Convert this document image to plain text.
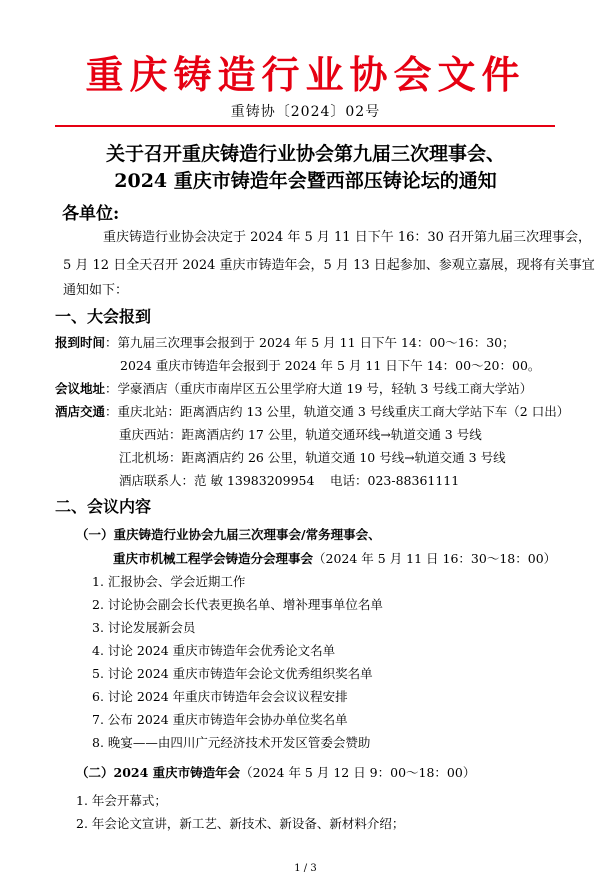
重庆铸造行业协会文件
重铸协〔2024〕02号
关于召开重庆铸造行业协会第九届三次理事会、
2024 重庆市铸造年会暨西部压铸论坛的通知
各单位:
重庆铸造行业协会决定于 2024 年 5 月 11 日下午 16：30 召开第九届三次理事会，
5 月 12 日全天召开 2024 重庆市铸造年会，5 月 13 日起参加、参观立嘉展，现将有关事宜
通知如下：
一、大会报到
报到时间：第九届三次理事会报到于 2024 年 5 月 11 日下午 14：00～16：30；
2024 重庆市铸造年会报到于 2024 年 5 月 11 日下午 14：00～20：00。
会议地址：学豪酒店（重庆市南岸区五公里学府大道 19 号，轻轨 3 号线工商大学站）
酒店交通：重庆北站：距离酒店约 13 公里，轨道交通 3 号线重庆工商大学站下车（2 口出）
重庆西站：距离酒店约 17 公里，轨道交通环线→轨道交通 3 号线
江北机场：距离酒店约 26 公里，轨道交通 10 号线→轨道交通 3 号线
酒店联系人：范 敏 13983209954 电话：023-88361111
二、会议内容
（一）重庆铸造行业协会九届三次理事会/常务理事会、
重庆市机械工程学会铸造分会理事会（2024 年 5 月 11 日 16：30～18：00）
1. 汇报协会、学会近期工作
2. 讨论协会副会长代表更换名单、增补理事单位名单
3. 讨论发展新会员
4. 讨论 2024 重庆市铸造年会优秀论文名单
5. 讨论 2024 重庆市铸造年会论文优秀组织奖名单
6. 讨论 2024 年重庆市铸造年会会议议程安排
7. 公布 2024 重庆市铸造年会协办单位奖名单
8. 晚宴——由四川广元经济技术开发区管委会赞助
（二）2024 重庆市铸造年会（2024 年 5 月 12 日 9：00～18：00）
1. 年会开幕式；
2. 年会论文宣讲，新工艺、新技术、新设备、新材料介绍；
1 / 3
